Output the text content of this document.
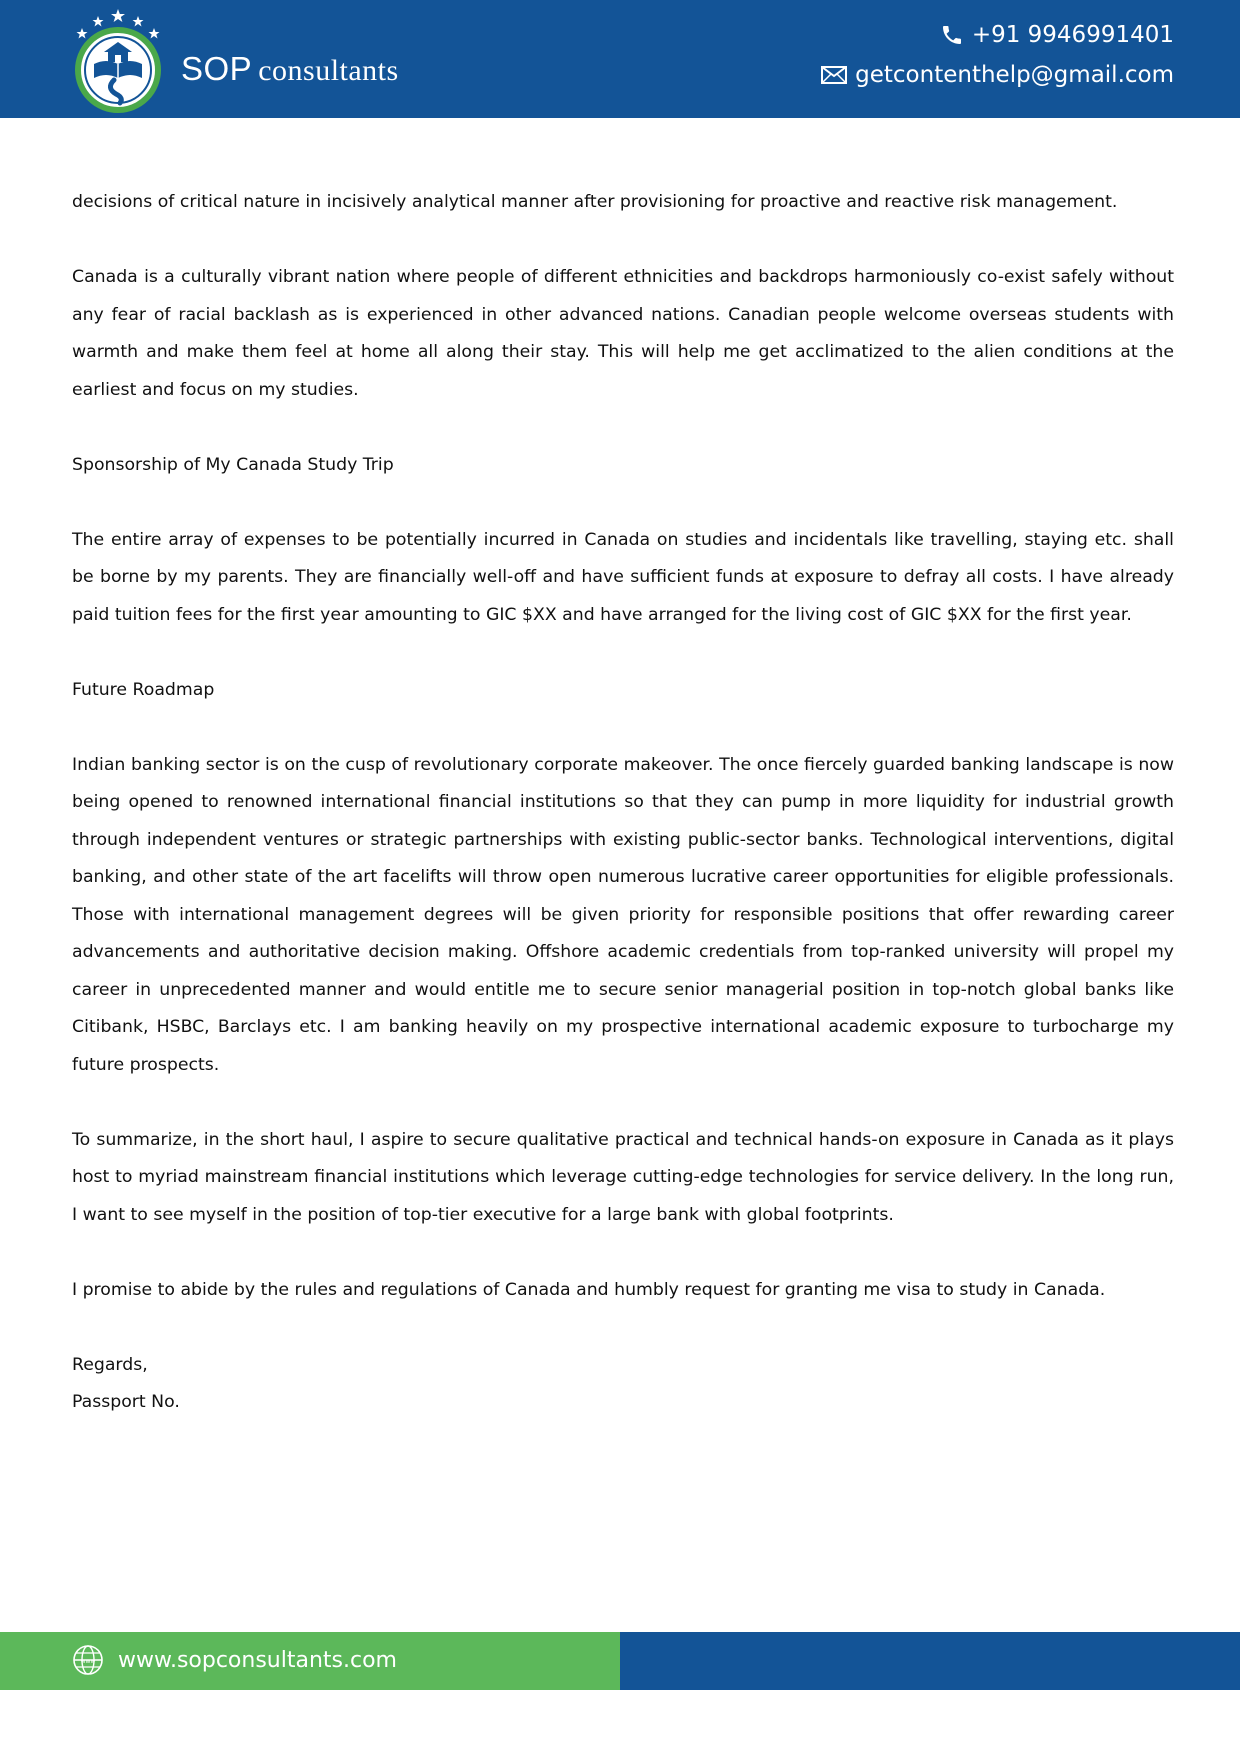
SOP consultants
+91 9946991401
getcontenthelp@gmail.com

decisions of critical nature in incisively analytical manner after provisioning for proactive and reactive risk management.

Canada is a culturally vibrant nation where people of different ethnicities and backdrops harmoniously co-exist safely without any fear of racial backlash as is experienced in other advanced nations. Canadian people welcome overseas students with warmth and make them feel at home all along their stay. This will help me get acclimatized to the alien conditions at the earliest and focus on my studies.

Sponsorship of My Canada Study Trip

The entire array of expenses to be potentially incurred in Canada on studies and incidentals like travelling, staying etc. shall be borne by my parents. They are financially well-off and have sufficient funds at exposure to defray all costs. I have already paid tuition fees for the first year amounting to GIC $XX and have arranged for the living cost of GIC $XX for the first year.

Future Roadmap

Indian banking sector is on the cusp of revolutionary corporate makeover. The once fiercely guarded banking landscape is now being opened to renowned international financial institutions so that they can pump in more liquidity for industrial growth through independent ventures or strategic partnerships with existing public-sector banks. Technological interventions, digital banking, and other state of the art facelifts will throw open numerous lucrative career opportunities for eligible professionals. Those with international management degrees will be given priority for responsible positions that offer rewarding career advancements and authoritative decision making. Offshore academic credentials from top-ranked university will propel my career in unprecedented manner and would entitle me to secure senior managerial position in top-notch global banks like Citibank, HSBC, Barclays etc. I am banking heavily on my prospective international academic exposure to turbocharge my future prospects.

To summarize, in the short haul, I aspire to secure qualitative practical and technical hands-on exposure in Canada as it plays host to myriad mainstream financial institutions which leverage cutting-edge technologies for service delivery. In the long run, I want to see myself in the position of top-tier executive for a large bank with global footprints.

I promise to abide by the rules and regulations of Canada and humbly request for granting me visa to study in Canada.

Regards,

Passport No.

www www.sopconsultants.com
